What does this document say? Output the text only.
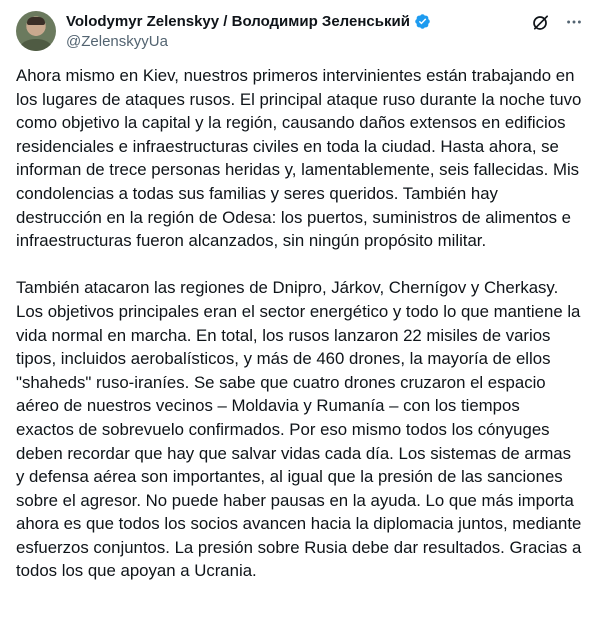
Volodymyr Zelenskyy / Володимир Зеленський
@ZelenskyyUa

Ahora mismo en Kiev, nuestros primeros intervinientes están trabajando en los lugares de ataques rusos. El principal ataque ruso durante la noche tuvo como objetivo la capital y la región, causando daños extensos en edificios residenciales e infraestructuras civiles en toda la ciudad. Hasta ahora, se informan de trece personas heridas y, lamentablemente, seis fallecidas. Mis condolencias a todas sus familias y seres queridos. También hay destrucción en la región de Odesa: los puertos, suministros de alimentos e infraestructuras fueron alcanzados, sin ningún propósito militar.

También atacaron las regiones de Dnipro, Járkov, Chernígov y Cherkasy. Los objetivos principales eran el sector energético y todo lo que mantiene la vida normal en marcha. En total, los rusos lanzaron 22 misiles de varios tipos, incluidos aerobalísticos, y más de 460 drones, la mayoría de ellos "shaheds" ruso-iraníes. Se sabe que cuatro drones cruzaron el espacio aéreo de nuestros vecinos – Moldavia y Rumanía – con los tiempos exactos de sobrevuelo confirmados. Por eso mismo todos los cónyuges deben recordar que hay que salvar vidas cada día. Los sistemas de armas y defensa aérea son importantes, al igual que la presión de las sanciones sobre el agresor. No puede haber pausas en la ayuda. Lo que más importa ahora es que todos los socios avancen hacia la diplomacia juntos, mediante esfuerzos conjuntos. La presión sobre Rusia debe dar resultados. Gracias a todos los que apoyan a Ucrania.
